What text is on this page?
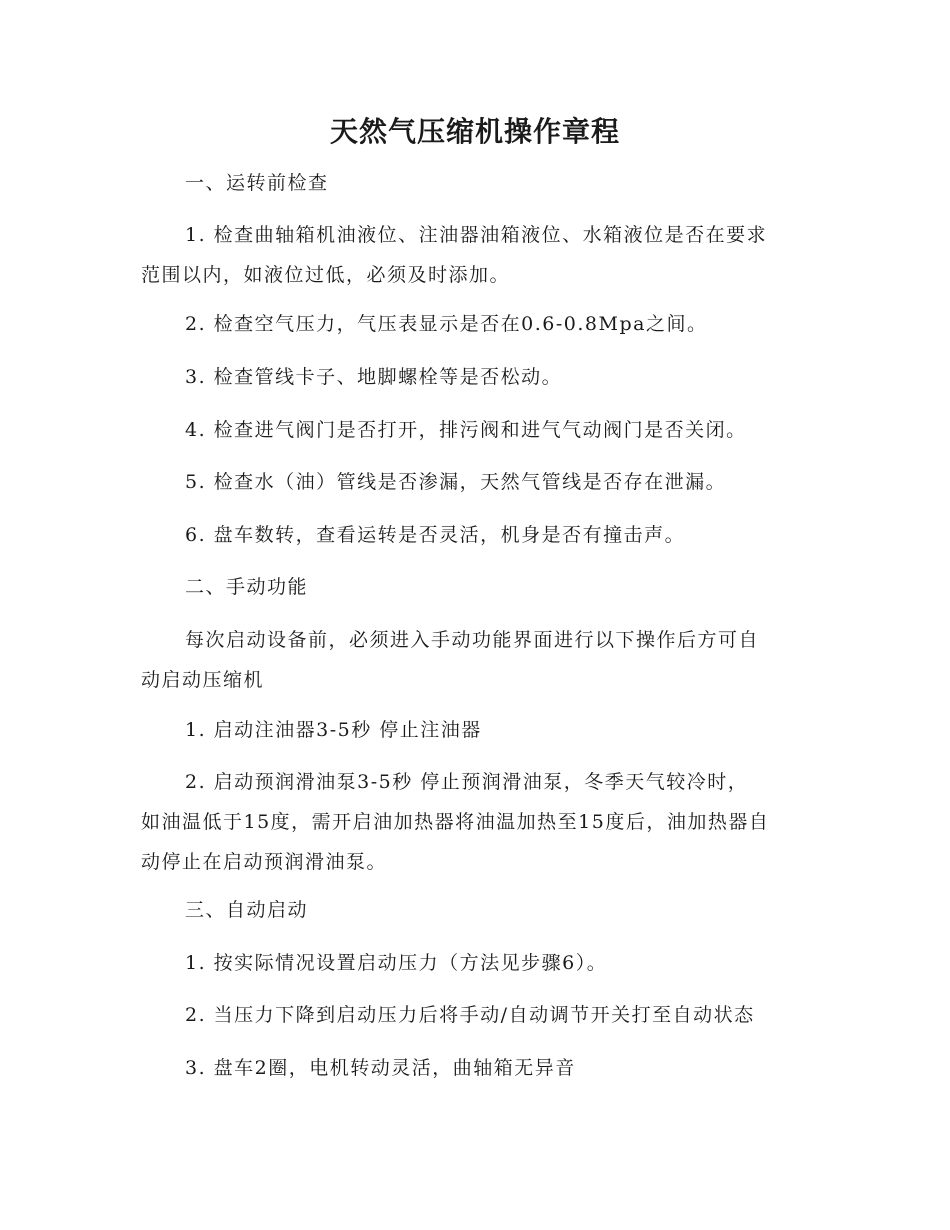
天然气压缩机操作章程
一、运转前检查
1. 检查曲轴箱机油液位、注油器油箱液位、水箱液位是否在要求
范围以内，如液位过低，必须及时添加。
2. 检查空气压力，气压表显示是否在0.6-0.8Mpa之间。
3. 检查管线卡子、地脚螺栓等是否松动。
4. 检查进气阀门是否打开，排污阀和进气气动阀门是否关闭。
5. 检查水（油）管线是否渗漏，天然气管线是否存在泄漏。
6. 盘车数转，查看运转是否灵活，机身是否有撞击声。
二、手动功能
每次启动设备前，必须进入手动功能界面进行以下操作后方可自
动启动压缩机
1. 启动注油器3-5秒 停止注油器
2. 启动预润滑油泵3-5秒 停止预润滑油泵，冬季天气较冷时，
如油温低于15度，需开启油加热器将油温加热至15度后，油加热器自
动停止在启动预润滑油泵。
三、自动启动
1. 按实际情况设置启动压力（方法见步骤6）。
2. 当压力下降到启动压力后将手动/自动调节开关打至自动状态
3. 盘车2圈，电机转动灵活，曲轴箱无异音
